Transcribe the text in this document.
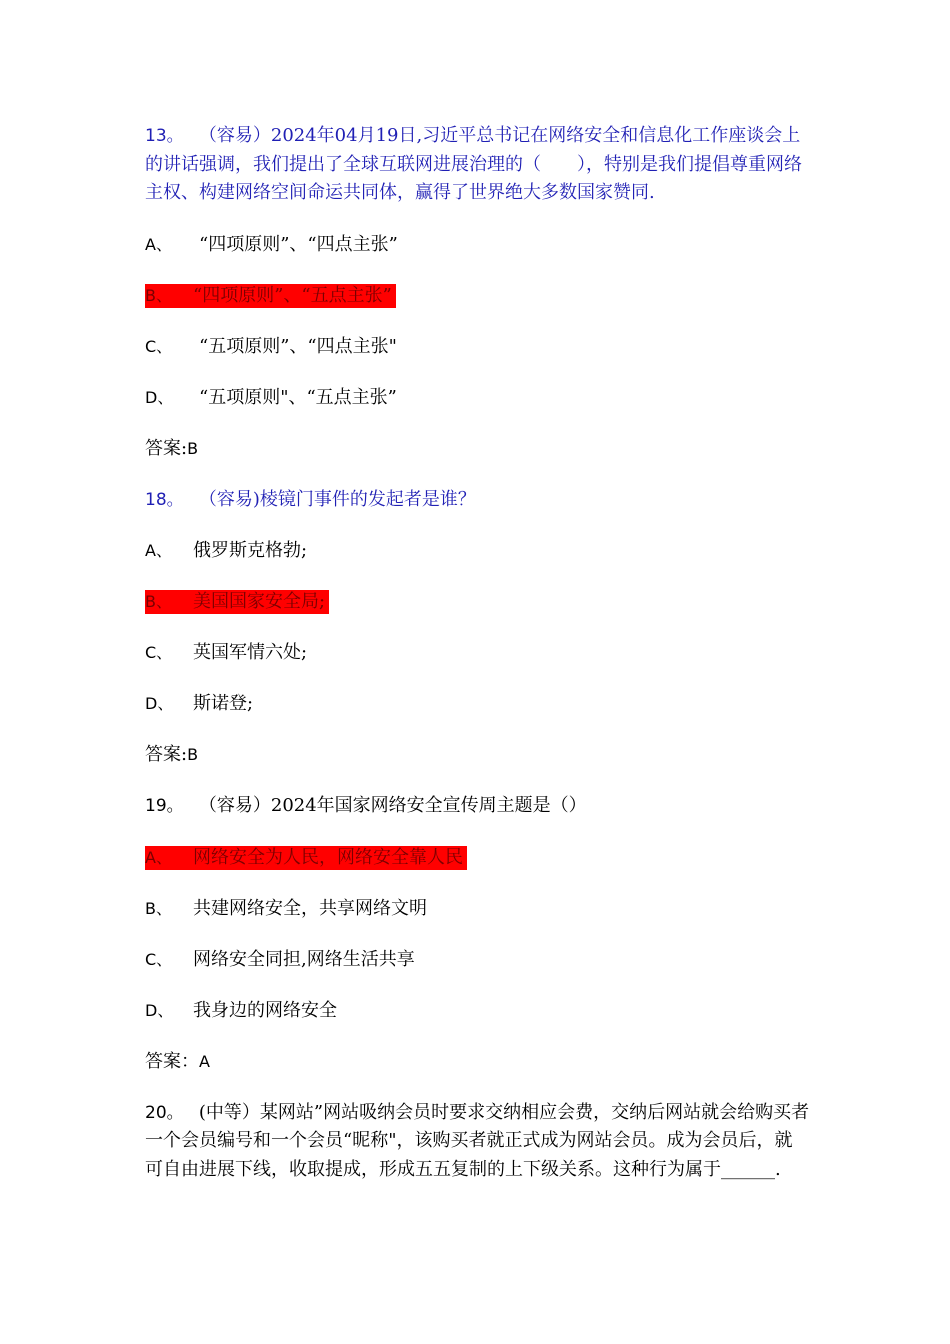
13。　 （容易）2024年04月19日,习近平总书记在网络安全和信息化工作座谈会上的讲话强调，我们提出了全球互联网进展治理的（　　），特别是我们提倡尊重网络主权、构建网络空间命运共同体，赢得了世界绝大多数国家赞同.

A、 “四项原则”、“四点主张”
B、 “四项原则”、“五点主张”
C、 “五项原则”、“四点主张"
D、 “五项原则"、“五点主张”
答案:B

18。　 （容易)棱镜门事件的发起者是谁？

A、 俄罗斯克格勃;
B、 美国国家安全局;
C、 英国军情六处;
D、 斯诺登;
答案:B

19。　 （容易）2024年国家网络安全宣传周主题是（）

A、 网络安全为人民，网络安全靠人民
B、 共建网络安全，共享网络文明
C、 网络安全同担,网络生活共享
D、 我身边的网络安全
答案：A

20。　 (中等）某网站”网站吸纳会员时要求交纳相应会费，交纳后网站就会给购买者一个会员编号和一个会员“昵称"，该购买者就正式成为网站会员。成为会员后，就可自由进展下线，收取提成，形成五五复制的上下级关系。这种行为属于______.
